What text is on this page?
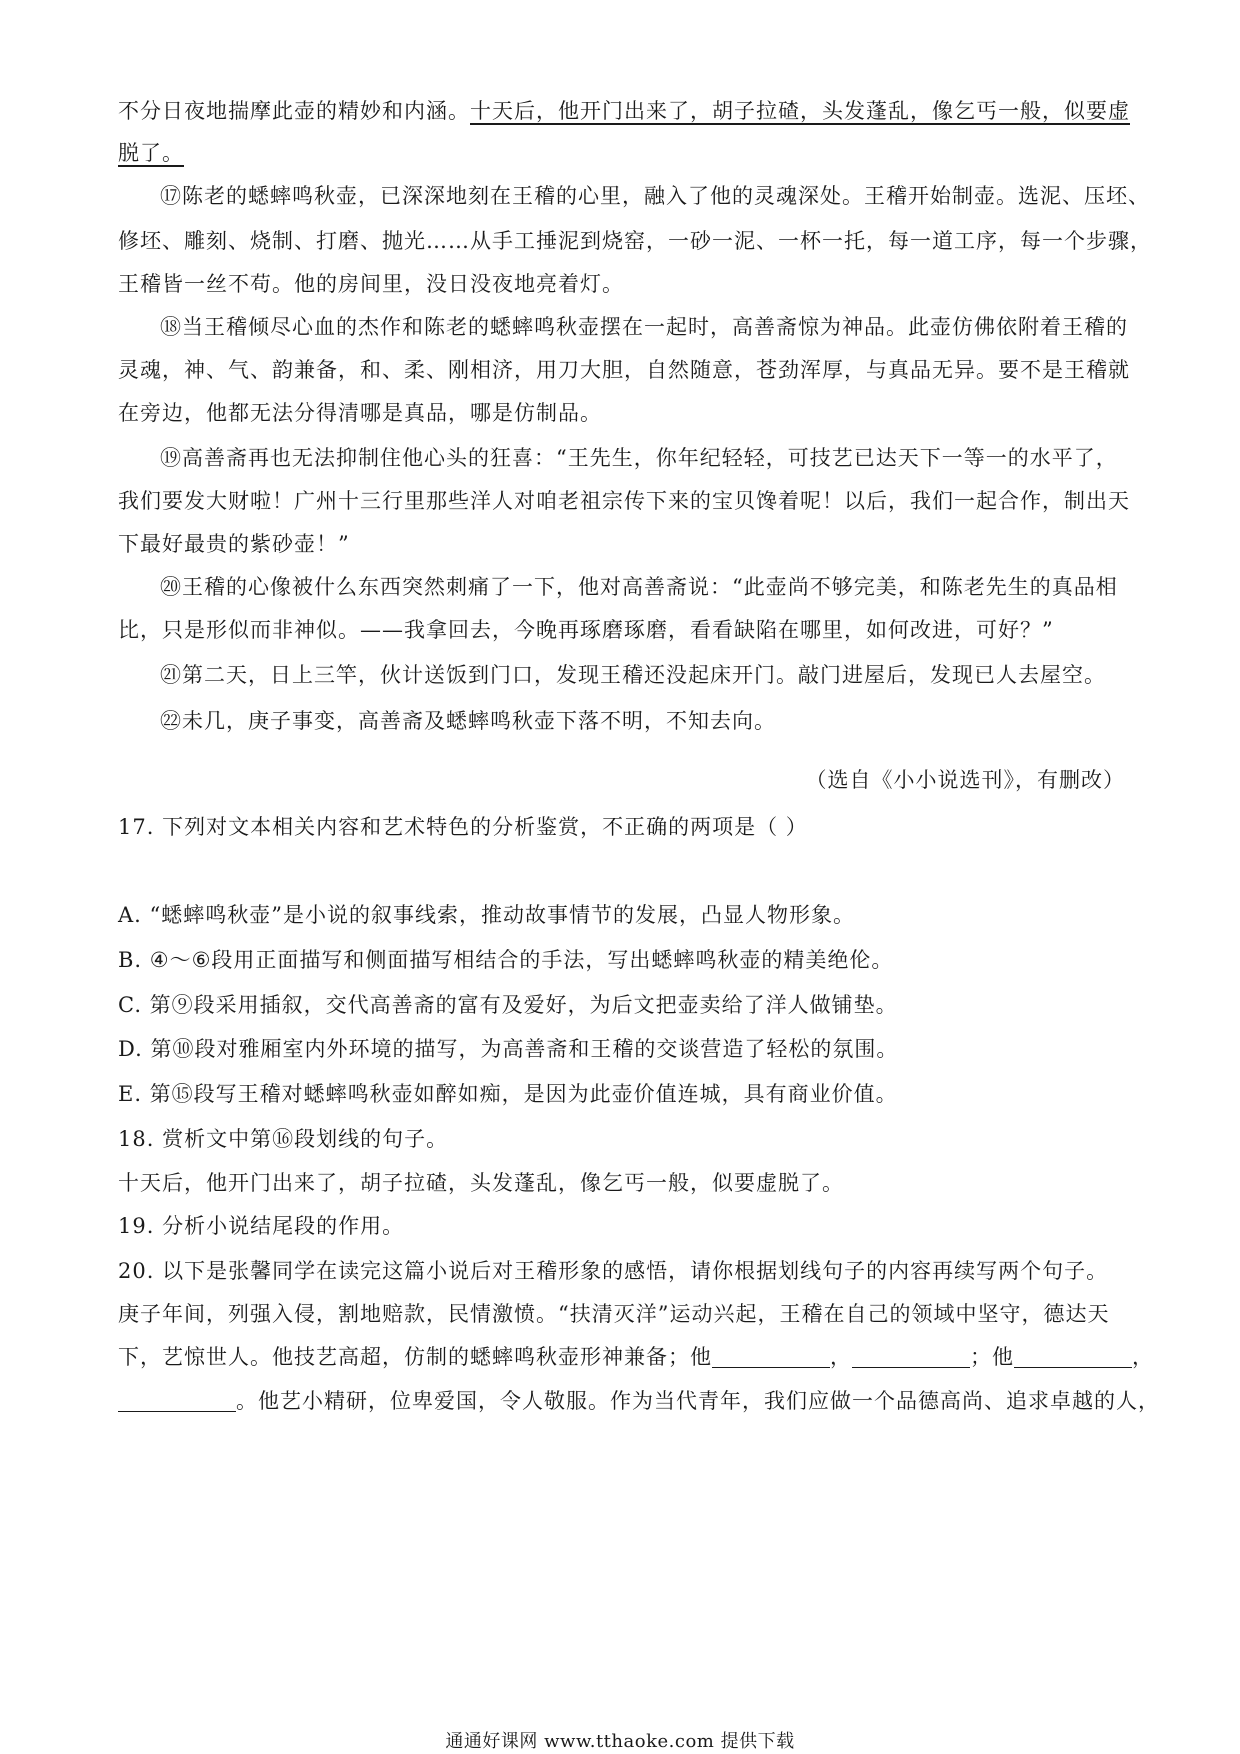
不分日夜地揣摩此壶的精妙和内涵。十天后，他开门出来了，胡子拉碴，头发蓬乱，像乞丐一般，似要虚
脱了。
⑰陈老的蟋蟀鸣秋壶，已深深地刻在王稽的心里，融入了他的灵魂深处。王稽开始制壶。选泥、压坯、
修坯、雕刻、烧制、打磨、抛光……从手工捶泥到烧窑，一砂一泥、一杯一托，每一道工序，每一个步骤，
王稽皆一丝不苟。他的房间里，没日没夜地亮着灯。
⑱当王稽倾尽心血的杰作和陈老的蟋蟀鸣秋壶摆在一起时，高善斋惊为神品。此壶仿佛依附着王稽的
灵魂，神、气、韵兼备，和、柔、刚相济，用刀大胆，自然随意，苍劲浑厚，与真品无异。要不是王稽就
在旁边，他都无法分得清哪是真品，哪是仿制品。
⑲高善斋再也无法抑制住他心头的狂喜：“王先生，你年纪轻轻，可技艺已达天下一等一的水平了，
我们要发大财啦！广州十三行里那些洋人对咱老祖宗传下来的宝贝馋着呢！以后，我们一起合作，制出天
下最好最贵的紫砂壶！”
⑳王稽的心像被什么东西突然刺痛了一下，他对高善斋说：“此壶尚不够完美，和陈老先生的真品相
比，只是形似而非神似。——我拿回去，今晚再琢磨琢磨，看看缺陷在哪里，如何改进，可好？”
㉑第二天，日上三竿，伙计送饭到门口，发现王稽还没起床开门。敲门进屋后，发现已人去屋空。
㉒未几，庚子事变，高善斋及蟋蟀鸣秋壶下落不明，不知去向。
（选自《小小说选刊》，有删改）
17. 下列对文本相关内容和艺术特色的分析鉴赏，不正确的两项是（ ）
A. “蟋蟀鸣秋壶”是小说的叙事线索，推动故事情节的发展，凸显人物形象。
B. ④～⑥段用正面描写和侧面描写相结合的手法，写出蟋蟀鸣秋壶的精美绝伦。
C. 第⑨段采用插叙，交代高善斋的富有及爱好，为后文把壶卖给了洋人做铺垫。
D. 第⑩段对雅厢室内外环境的描写，为高善斋和王稽的交谈营造了轻松的氛围。
E. 第⑮段写王稽对蟋蟀鸣秋壶如醉如痴，是因为此壶价值连城，具有商业价值。
18. 赏析文中第⑯段划线的句子。
十天后，他开门出来了，胡子拉碴，头发蓬乱，像乞丐一般，似要虚脱了。
19. 分析小说结尾段的作用。
20. 以下是张馨同学在读完这篇小说后对王稽形象的感悟，请你根据划线句子的内容再续写两个句子。
庚子年间，列强入侵，割地赔款，民情激愤。“扶清灭洋”运动兴起，王稽在自己的领域中坚守，德达天
下，艺惊世人。他技艺高超，仿制的蟋蟀鸣秋壶形神兼备；他	，	；他	，
。他艺小精研，位卑爱国，令人敬服。作为当代青年，我们应做一个品德高尚、追求卓越的人，
通通好课网 www.tthaoke.com 提供下载
